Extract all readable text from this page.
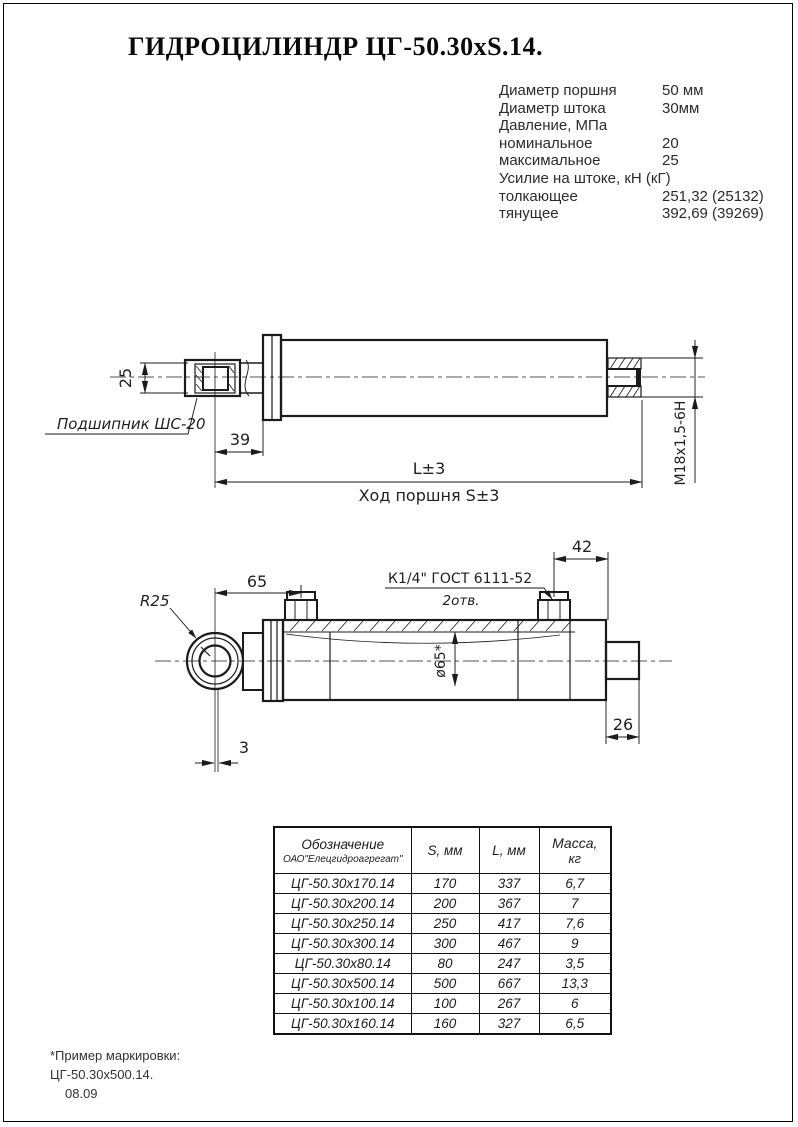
ГИДРОЦИЛИНДР ЦГ-50.30хS.14.
Диаметр поршня	50 мм
Диаметр штока	30мм
Давление, МПа
номинальное	20
максимальное	25
Усилие на штоке, кН (кГ)
толкающее	251,32 (25132)
тянущее	392,69 (39269)
М18х1,5-6Н
25
Подшипник ШС-20
39
L±3
Ход поршня S±3
R25
65
42
К1/4" ГОСТ 6111-52
2отв.
ø65*
3
26
Обозначение
ОАО"Елецгидроагрегат"
	S, мм	L, мм	Масса,
кг

ЦГ-50.30х170.14	170	337	6,7
ЦГ-50.30х200.14	200	367	7
ЦГ-50.30х250.14	250	417	7,6
ЦГ-50.30х300.14	300	467	9
ЦГ-50.30х80.14	80	247	3,5
ЦГ-50.30х500.14	500	667	13,3
ЦГ-50.30х100.14	100	267	6
ЦГ-50.30х160.14	160	327	6,5
*Пример маркировки:
ЦГ-50.30х500.14.
08.09
